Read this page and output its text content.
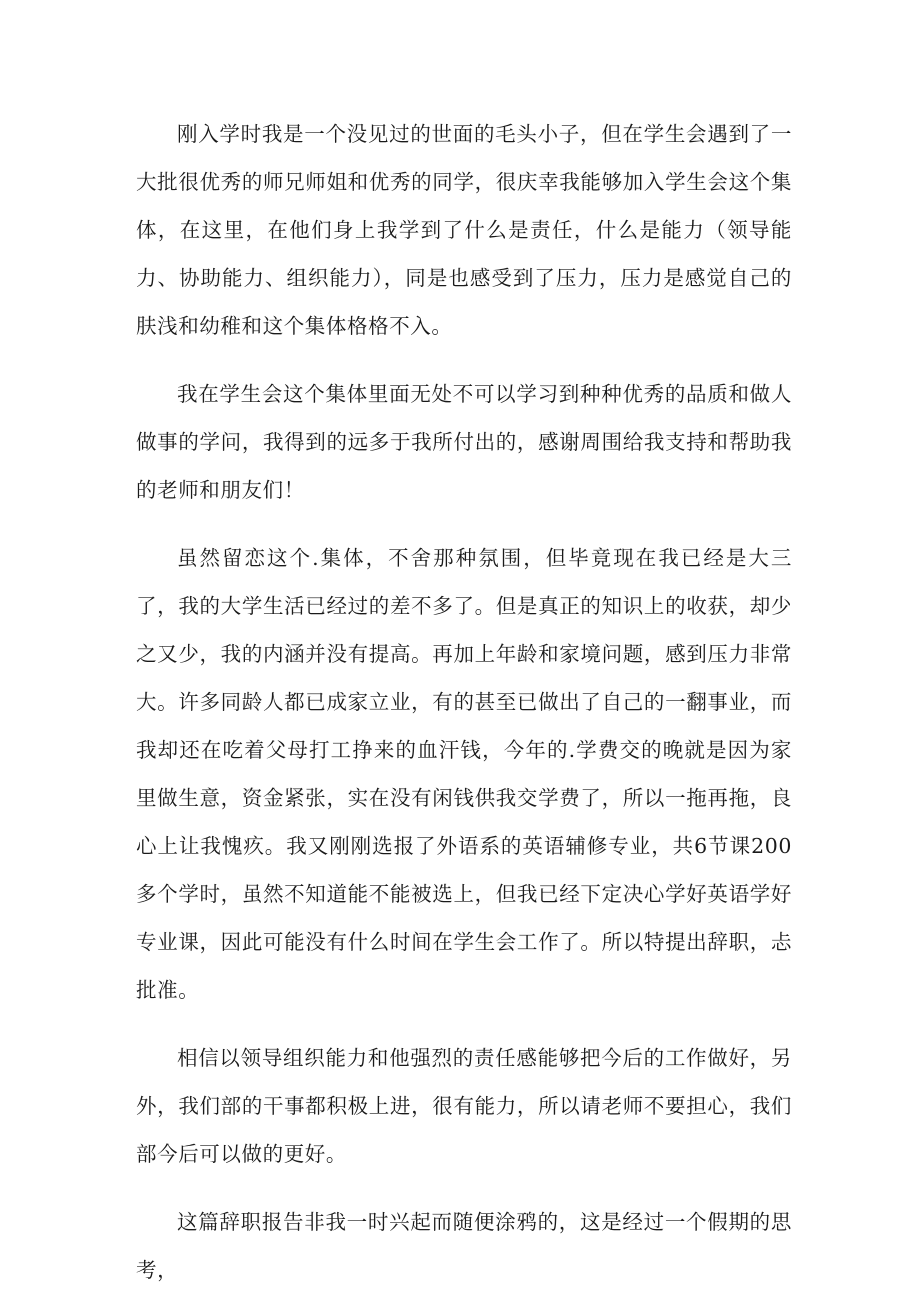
刚入学时我是一个没见过的世面的毛头小子，但在学生会遇到了一大批很优秀的师兄师姐和优秀的同学，很庆幸我能够加入学生会这个集体，在这里，在他们身上我学到了什么是责任，什么是能力（领导能力、协助能力、组织能力），同是也感受到了压力，压力是感觉自己的肤浅和幼稚和这个集体格格不入。

我在学生会这个集体里面无处不可以学习到种种优秀的品质和做人做事的学问，我得到的远多于我所付出的，感谢周围给我支持和帮助我的老师和朋友们！

虽然留恋这个.集体，不舍那种氛围，但毕竟现在我已经是大三了，我的大学生活已经过的差不多了。但是真正的知识上的收获，却少之又少，我的内涵并没有提高。再加上年龄和家境问题，感到压力非常大。许多同龄人都已成家立业，有的甚至已做出了自己的一翻事业，而我却还在吃着父母打工挣来的血汗钱，今年的.学费交的晚就是因为家里做生意，资金紧张，实在没有闲钱供我交学费了，所以一拖再拖，良心上让我愧疚。我又刚刚选报了外语系的英语辅修专业，共6节课200多个学时，虽然不知道能不能被选上，但我已经下定决心学好英语学好专业课，因此可能没有什么时间在学生会工作了。所以特提出辞职，忐批准。

相信以领导组织能力和他强烈的责任感能够把今后的工作做好，另外，我们部的干事都积极上进，很有能力，所以请老师不要担心，我们部今后可以做的更好。

这篇辞职报告非我一时兴起而随便涂鸦的，这是经过一个假期的思考，
